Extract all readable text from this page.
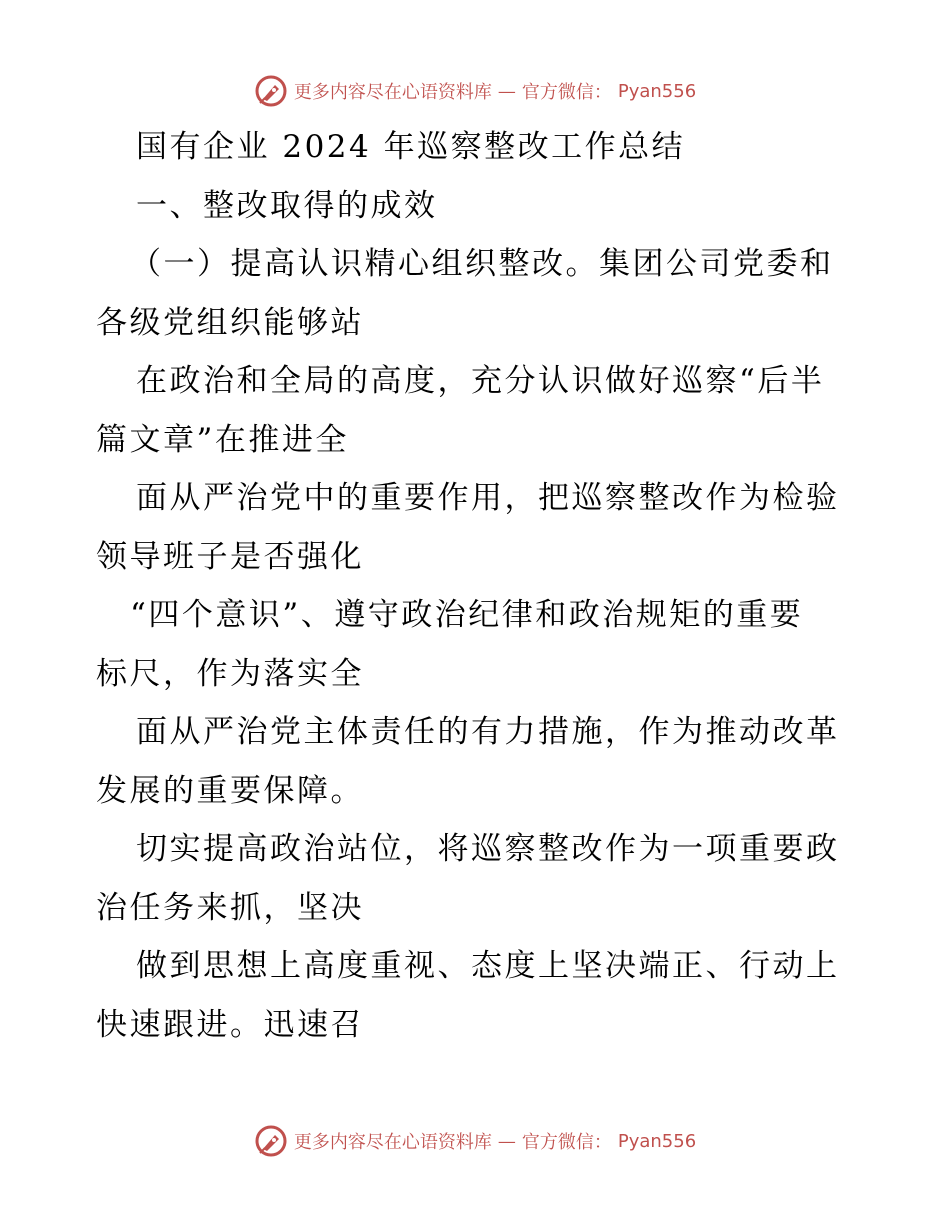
更多内容尽在心语资料库 — 官方微信： Pyan556
国有企业 2024 年巡察整改工作总结
一、整改取得的成效
（一）提高认识精心组织整改。集团公司党委和
各级党组织能够站
在政治和全局的高度，充分认识做好巡察“后半
篇文章”在推进全
面从严治党中的重要作用，把巡察整改作为检验
领导班子是否强化
“四个意识”、遵守政治纪律和政治规矩的重要
标尺，作为落实全
面从严治党主体责任的有力措施，作为推动改革
发展的重要保障。
切实提高政治站位，将巡察整改作为一项重要政
治任务来抓，坚决
做到思想上高度重视、态度上坚决端正、行动上
快速跟进。迅速召
更多内容尽在心语资料库 — 官方微信： Pyan556
